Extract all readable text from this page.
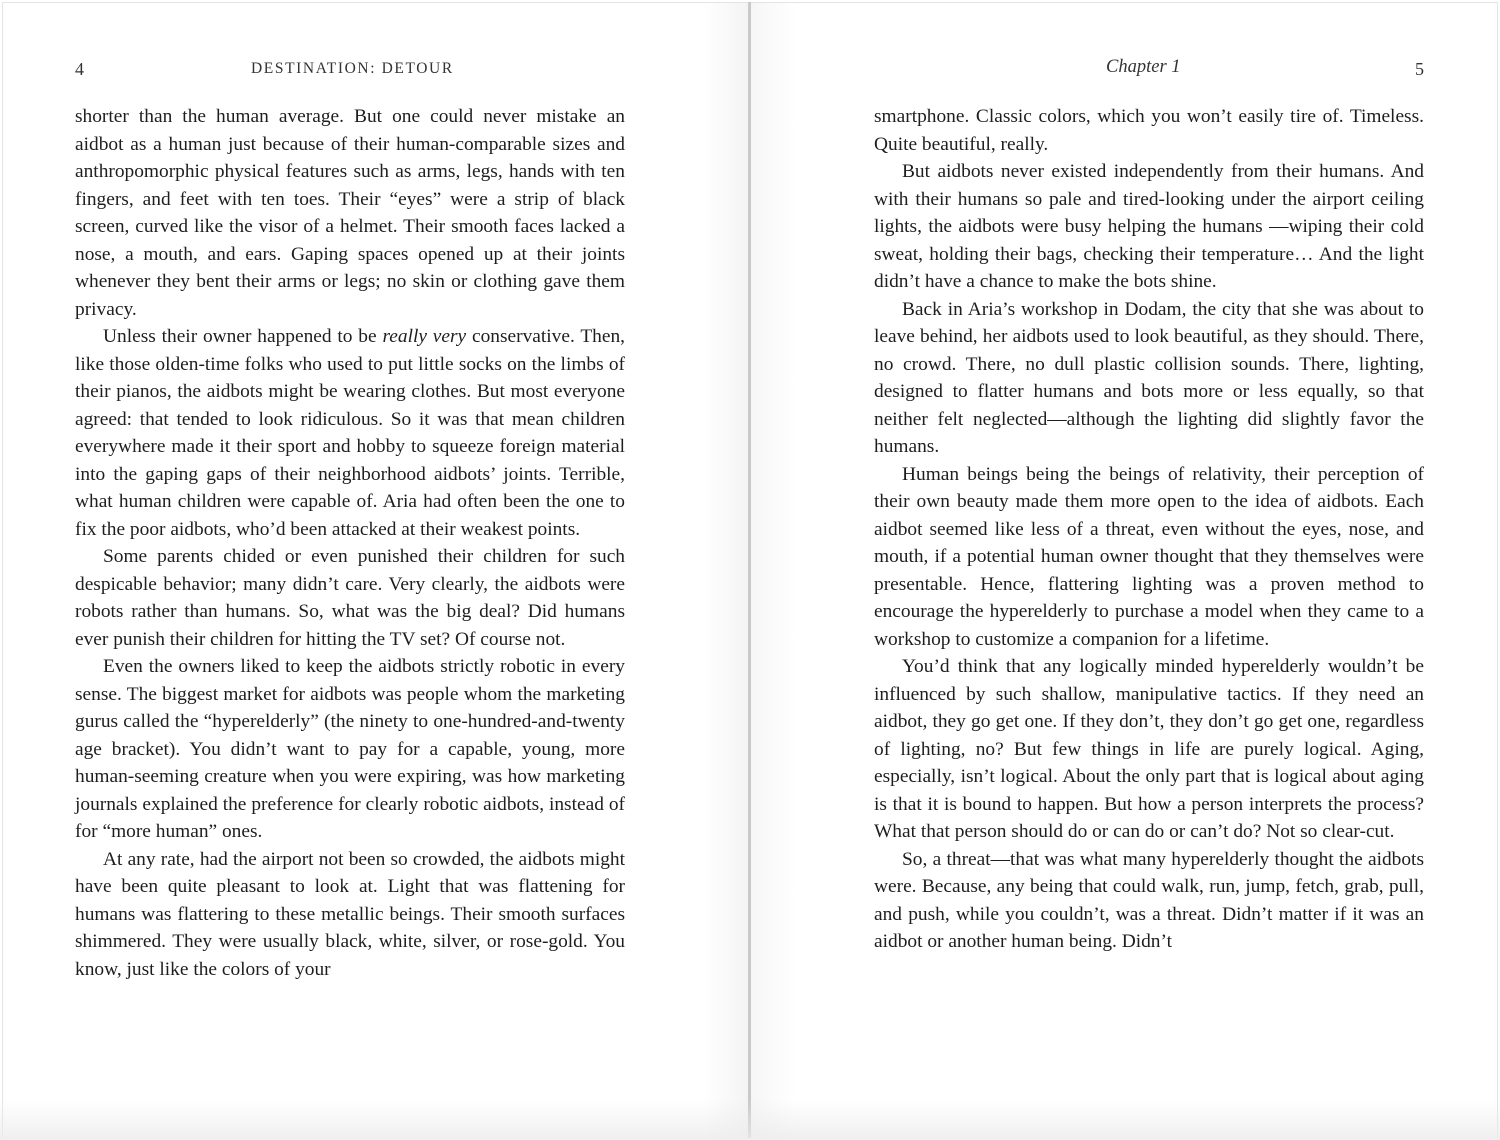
4	DESTINATION: DETOUR

shorter than the human average. But one could never mistake an aidbot as a human just because of their human-comparable sizes and anthropomorphic physical features such as arms, legs, hands with ten fingers, and feet with ten toes. Their “eyes” were a strip of black screen, curved like the visor of a helmet. Their smooth faces lacked a nose, a mouth, and ears. Gaping spaces opened up at their joints whenever they bent their arms or legs; no skin or clothing gave them privacy.

Unless their owner happened to be really very conservative. Then, like those olden-time folks who used to put little socks on the limbs of their pianos, the aidbots might be wearing clothes. But most everyone agreed: that tended to look ridiculous. So it was that mean children everywhere made it their sport and hobby to squeeze foreign material into the gaping gaps of their neighborhood aidbots’ joints. Terrible, what human children were capable of. Aria had often been the one to fix the poor aidbots, who’d been attacked at their weakest points.

Some parents chided or even punished their children for such despicable behavior; many didn’t care. Very clearly, the aidbots were robots rather than humans. So, what was the big deal? Did humans ever punish their children for hitting the TV set? Of course not.

Even the owners liked to keep the aidbots strictly robotic in every sense. The biggest market for aidbots was people whom the marketing gurus called the “hyperelderly” (the ninety to one-hundred-and-twenty age bracket). You didn’t want to pay for a capable, young, more human-seeming creature when you were expiring, was how marketing journals explained the preference for clearly robotic aidbots, instead of for “more human” ones.

At any rate, had the airport not been so crowded, the aidbots might have been quite pleasant to look at. Light that was flattening for humans was flattering to these metallic beings. Their smooth surfaces shimmered. They were usually black, white, silver, or rose-gold. You know, just like the colors of your

Chapter 1	5

smartphone. Classic colors, which you won’t easily tire of. Timeless. Quite beautiful, really.

But aidbots never existed independently from their humans. And with their humans so pale and tired-looking under the airport ceiling lights, the aidbots were busy helping the humans —wiping their cold sweat, holding their bags, checking their temperature… And the light didn’t have a chance to make the bots shine.

Back in Aria’s workshop in Dodam, the city that she was about to leave behind, her aidbots used to look beautiful, as they should. There, no crowd. There, no dull plastic collision sounds. There, lighting, designed to flatter humans and bots more or less equally, so that neither felt neglected—although the lighting did slightly favor the humans.

Human beings being the beings of relativity, their perception of their own beauty made them more open to the idea of aidbots. Each aidbot seemed like less of a threat, even without the eyes, nose, and mouth, if a potential human owner thought that they themselves were presentable. Hence, flattering lighting was a proven method to encourage the hyperelderly to purchase a model when they came to a workshop to customize a companion for a lifetime.

You’d think that any logically minded hyperelderly wouldn’t be influenced by such shallow, manipulative tactics. If they need an aidbot, they go get one. If they don’t, they don’t go get one, regardless of lighting, no? But few things in life are purely logical. Aging, especially, isn’t logical. About the only part that is logical about aging is that it is bound to happen. But how a person interprets the process? What that person should do or can do or can’t do? Not so clear-cut.

So, a threat—that was what many hyperelderly thought the aidbots were. Because, any being that could walk, run, jump, fetch, grab, pull, and push, while you couldn’t, was a threat. Didn’t matter if it was an aidbot or another human being. Didn’t
